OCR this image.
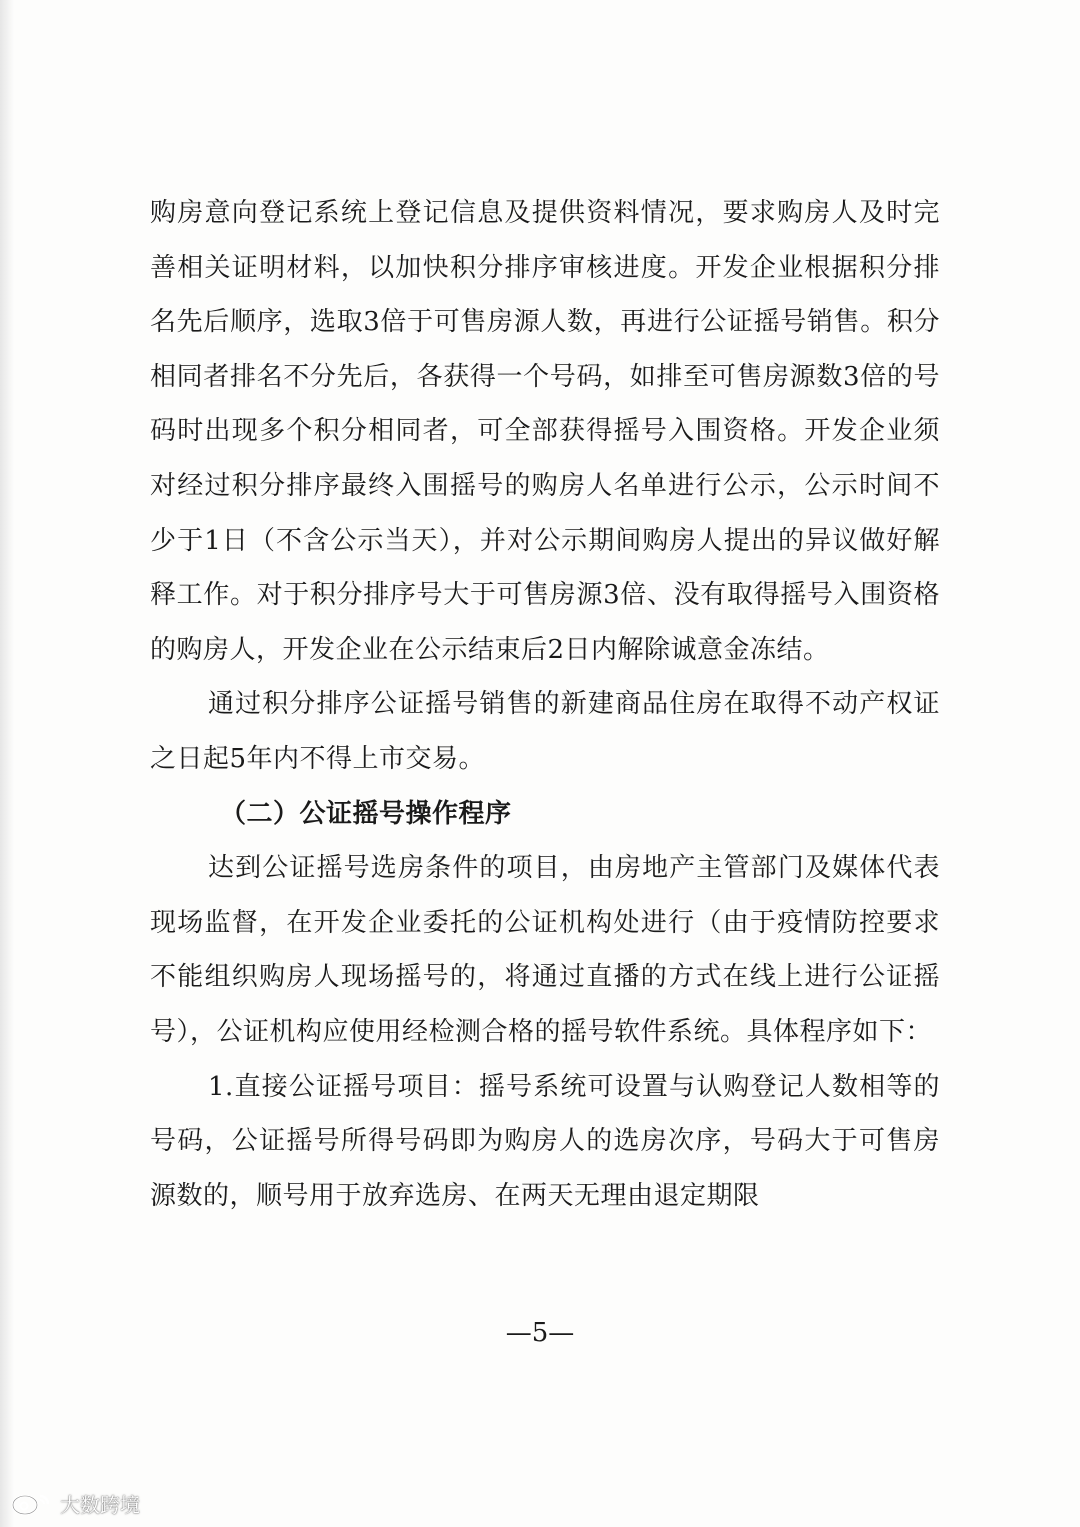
购房意向登记系统上登记信息及提供资料情况，要求购房人及时完善相关证明材料，以加快积分排序审核进度。开发企业根据积分排名先后顺序，选取3倍于可售房源人数，再进行公证摇号销售。积分相同者排名不分先后，各获得一个号码，如排至可售房源数3倍的号码时出现多个积分相同者，可全部获得摇号入围资格。开发企业须对经过积分排序最终入围摇号的购房人名单进行公示，公示时间不少于1日（不含公示当天），并对公示期间购房人提出的异议做好解释工作。对于积分排序号大于可售房源3倍、没有取得摇号入围资格的购房人，开发企业在公示结束后2日内解除诚意金冻结。

通过积分排序公证摇号销售的新建商品住房在取得不动产权证之日起5年内不得上市交易。

（二）公证摇号操作程序

达到公证摇号选房条件的项目，由房地产主管部门及媒体代表现场监督，在开发企业委托的公证机构处进行（由于疫情防控要求不能组织购房人现场摇号的，将通过直播的方式在线上进行公证摇号），公证机构应使用经检测合格的摇号软件系统。具体程序如下：

1.直接公证摇号项目：摇号系统可设置与认购登记人数相等的号码，公证摇号所得号码即为购房人的选房次序，号码大于可售房源数的，顺号用于放弃选房、在两天无理由退定期限

—5—
大数跨境
